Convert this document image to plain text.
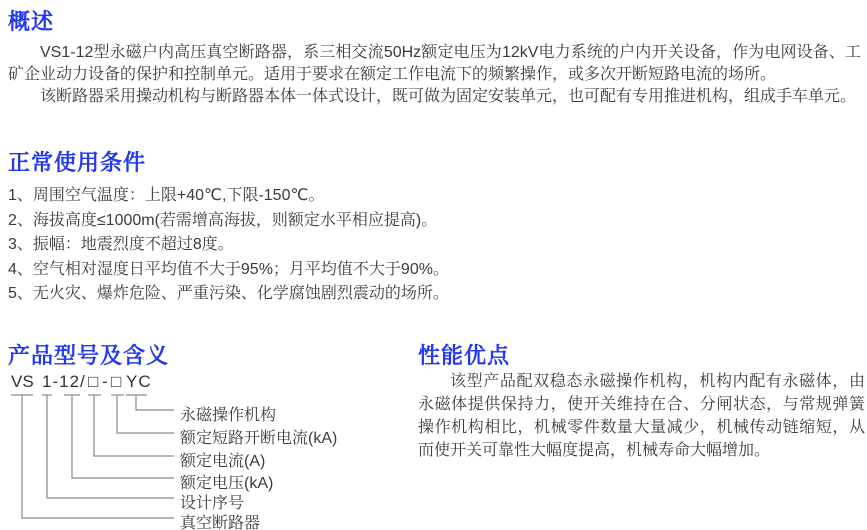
概述

VS1-12型永磁户内高压真空断路器，系三相交流50Hz额定电压为12kV电力系统的户内开关设备，作为电网设备、工矿企业动力设备的保护和控制单元。适用于要求在额定工作电流下的频繁操作，或多次开断短路电流的场所。

该断路器采用操动机构与断路器本体一体式设计，既可做为固定安装单元，也可配有专用推进机构，组成手车单元。

正常使用条件
1、周围空气温度：上限+40℃,下限-150℃。
2、海拔高度≤1000m(若需增高海拔，则额定水平相应提高)。
3、振幅：地震烈度不超过8度。
4、空气相对湿度日平均值不大于95%；月平均值不大于90%。
5、无火灾、爆炸危险、严重污染、化学腐蚀剧烈震动的场所。
产品型号及含义
VS 1-12/ □ - □ YC
永磁操作机构
额定短路开断电流(kA)
额定电流(A)
额定电压(kA)
设计序号
真空断路器
性能优点

该型产品配双稳态永磁操作机构，机构内配有永磁体，由永磁体提供保持力，使开关维持在合、分闸状态，与常规弹簧操作机构相比，机械零件数量大量减少，机械传动链缩短，从而使开关可靠性大幅度提高，机械寿命大幅增加。
